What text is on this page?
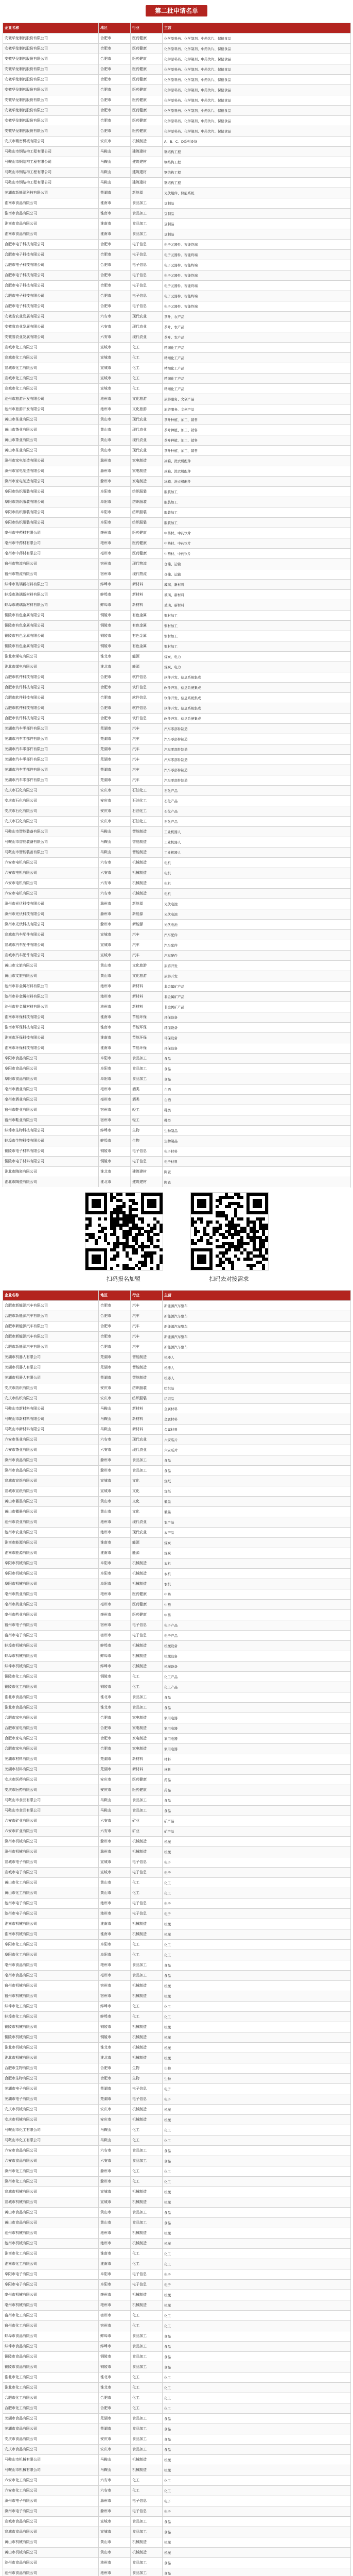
第二批申请名单
企业名称	地区	行业	主营
安徽华龙制药股份有限公司	合肥市	医药健康	化学原料药、化学制剂、中药饮片、保健食品
安徽华龙制药股份有限公司	合肥市	医药健康	化学原料药、化学制剂、中药饮片、保健食品
安徽华龙制药股份有限公司	合肥市	医药健康	化学原料药、化学制剂、中药饮片、保健食品
安徽华龙制药股份有限公司	合肥市	医药健康	化学原料药、化学制剂、中药饮片、保健食品
安徽华龙制药股份有限公司	合肥市	医药健康	化学原料药、化学制剂、中药饮片、保健食品
安徽华龙制药股份有限公司	合肥市	医药健康	化学原料药、化学制剂、中药饮片、保健食品
安徽华龙制药股份有限公司	合肥市	医药健康	化学原料药、化学制剂、中药饮片、保健食品
安徽华龙制药股份有限公司	合肥市	医药健康	化学原料药、化学制剂、中药饮片、保健食品
安徽华龙制药股份有限公司	合肥市	医药健康	化学原料药、化学制剂、中药饮片、保健食品
安徽华龙制药股份有限公司	合肥市	医药健康	化学原料药、化学制剂、中药饮片、保健食品
安庆市精密机械有限公司	安庆市	机械制造	A、B、C、D系列设备
马鞍山市钢结构工程有限公司	马鞍山	建筑建材	钢结构工程
马鞍山市钢结构工程有限公司	马鞍山	建筑建材	钢结构工程
马鞍山市钢结构工程有限公司	马鞍山	建筑建材	钢结构工程
马鞍山市钢结构工程有限公司	马鞍山	建筑建材	钢结构工程
芜湖市新能源科技有限公司	芜湖市	新能源	光伏组件、储能系统
淮南市食品有限公司	淮南市	食品加工	豆制品
淮南市食品有限公司	淮南市	食品加工	豆制品
淮南市食品有限公司	淮南市	食品加工	豆制品
淮南市食品有限公司	淮南市	食品加工	豆制品
合肥市电子科技有限公司	合肥市	电子信息	电子元器件、智能终端
合肥市电子科技有限公司	合肥市	电子信息	电子元器件、智能终端
合肥市电子科技有限公司	合肥市	电子信息	电子元器件、智能终端
合肥市电子科技有限公司	合肥市	电子信息	电子元器件、智能终端
合肥市电子科技有限公司	合肥市	电子信息	电子元器件、智能终端
合肥市电子科技有限公司	合肥市	电子信息	电子元器件、智能终端
合肥市电子科技有限公司	合肥市	电子信息	电子元器件、智能终端
安徽省农业发展有限公司	六安市	现代农业	茶叶、农产品
安徽省农业发展有限公司	六安市	现代农业	茶叶、农产品
安徽省农业发展有限公司	六安市	现代农业	茶叶、农产品
宣城市化工有限公司	宣城市	化工	精细化工产品
宣城市化工有限公司	宣城市	化工	精细化工产品
宣城市化工有限公司	宣城市	化工	精细化工产品
宣城市化工有限公司	宣城市	化工	精细化工产品
宣城市化工有限公司	宣城市	化工	精细化工产品
池州市旅游开发有限公司	池州市	文化旅游	旅游服务、文创产品
池州市旅游开发有限公司	池州市	文化旅游	旅游服务、文创产品
黄山市茶业有限公司	黄山市	现代农业	茶叶种植、加工、销售
黄山市茶业有限公司	黄山市	现代农业	茶叶种植、加工、销售
黄山市茶业有限公司	黄山市	现代农业	茶叶种植、加工、销售
黄山市茶业有限公司	黄山市	现代农业	茶叶种植、加工、销售
滁州市家电制造有限公司	滁州市	家电制造	冰箱、洗衣机配件
滁州市家电制造有限公司	滁州市	家电制造	冰箱、洗衣机配件
滁州市家电制造有限公司	滁州市	家电制造	冰箱、洗衣机配件
阜阳市纺织服装有限公司	阜阳市	纺织服装	服装加工
阜阳市纺织服装有限公司	阜阳市	纺织服装	服装加工
阜阳市纺织服装有限公司	阜阳市	纺织服装	服装加工
阜阳市纺织服装有限公司	阜阳市	纺织服装	服装加工
亳州市中药材有限公司	亳州市	医药健康	中药材、中药饮片
亳州市中药材有限公司	亳州市	医药健康	中药材、中药饮片
亳州市中药材有限公司	亳州市	医药健康	中药材、中药饮片
宿州市物流有限公司	宿州市	现代物流	仓储、运输
宿州市物流有限公司	宿州市	现代物流	仓储、运输
蚌埠市玻璃新材料有限公司	蚌埠市	新材料	玻璃、新材料
蚌埠市玻璃新材料有限公司	蚌埠市	新材料	玻璃、新材料
蚌埠市玻璃新材料有限公司	蚌埠市	新材料	玻璃、新材料
铜陵市有色金属有限公司	铜陵市	有色金属	铜材加工
铜陵市有色金属有限公司	铜陵市	有色金属	铜材加工
铜陵市有色金属有限公司	铜陵市	有色金属	铜材加工
铜陵市有色金属有限公司	铜陵市	有色金属	铜材加工
淮北市煤电有限公司	淮北市	能源	煤炭、电力
淮北市煤电有限公司	淮北市	能源	煤炭、电力
合肥市软件科技有限公司	合肥市	软件信息	软件开发、信息系统集成
合肥市软件科技有限公司	合肥市	软件信息	软件开发、信息系统集成
合肥市软件科技有限公司	合肥市	软件信息	软件开发、信息系统集成
合肥市软件科技有限公司	合肥市	软件信息	软件开发、信息系统集成
合肥市软件科技有限公司	合肥市	软件信息	软件开发、信息系统集成
芜湖市汽车零部件有限公司	芜湖市	汽车	汽车零部件制造
芜湖市汽车零部件有限公司	芜湖市	汽车	汽车零部件制造
芜湖市汽车零部件有限公司	芜湖市	汽车	汽车零部件制造
芜湖市汽车零部件有限公司	芜湖市	汽车	汽车零部件制造
芜湖市汽车零部件有限公司	芜湖市	汽车	汽车零部件制造
芜湖市汽车零部件有限公司	芜湖市	汽车	汽车零部件制造
安庆市石化有限公司	安庆市	石油化工	石化产品
安庆市石化有限公司	安庆市	石油化工	石化产品
安庆市石化有限公司	安庆市	石油化工	石化产品
安庆市石化有限公司	安庆市	石油化工	石化产品
马鞍山市智能装备有限公司	马鞍山	智能制造	工业机器人
马鞍山市智能装备有限公司	马鞍山	智能制造	工业机器人
马鞍山市智能装备有限公司	马鞍山	智能制造	工业机器人
六安市电机有限公司	六安市	机械制造	电机
六安市电机有限公司	六安市	机械制造	电机
六安市电机有限公司	六安市	机械制造	电机
六安市电机有限公司	六安市	机械制造	电机
滁州市光伏科技有限公司	滁州市	新能源	光伏电池
滁州市光伏科技有限公司	滁州市	新能源	光伏电池
滁州市光伏科技有限公司	滁州市	新能源	光伏电池
宣城市汽车配件有限公司	宣城市	汽车	汽车配件
宣城市汽车配件有限公司	宣城市	汽车	汽车配件
宣城市汽车配件有限公司	宣城市	汽车	汽车配件
黄山市文旅有限公司	黄山市	文化旅游	旅游开发
黄山市文旅有限公司	黄山市	文化旅游	旅游开发
池州市非金属材料有限公司	池州市	新材料	非金属矿产品
池州市非金属材料有限公司	池州市	新材料	非金属矿产品
池州市非金属材料有限公司	池州市	新材料	非金属矿产品
淮南市环保科技有限公司	淮南市	节能环保	环保设备
淮南市环保科技有限公司	淮南市	节能环保	环保设备
淮南市环保科技有限公司	淮南市	节能环保	环保设备
淮南市环保科技有限公司	淮南市	节能环保	环保设备
阜阳市食品有限公司	阜阳市	食品加工	食品
阜阳市食品有限公司	阜阳市	食品加工	食品
阜阳市食品有限公司	阜阳市	食品加工	食品
亳州市酒业有限公司	亳州市	酒类	白酒
亳州市酒业有限公司	亳州市	酒类	白酒
宿州市鞋业有限公司	宿州市	轻工	鞋类
宿州市鞋业有限公司	宿州市	轻工	鞋类
蚌埠市生物科技有限公司	蚌埠市	生物	生物制品
蚌埠市生物科技有限公司	蚌埠市	生物	生物制品
铜陵市电子材料有限公司	铜陵市	电子信息	电子材料
铜陵市电子材料有限公司	铜陵市	电子信息	电子材料
淮北市陶瓷有限公司	淮北市	建筑建材	陶瓷
淮北市陶瓷有限公司	淮北市	建筑建材	陶瓷
扫码报名加盟	扫码去对接需求
企业名称	地区	行业	主营
合肥市新能源汽车有限公司	合肥市	汽车	新能源汽车整车
合肥市新能源汽车有限公司	合肥市	汽车	新能源汽车整车
合肥市新能源汽车有限公司	合肥市	汽车	新能源汽车整车
合肥市新能源汽车有限公司	合肥市	汽车	新能源汽车整车
合肥市新能源汽车有限公司	合肥市	汽车	新能源汽车整车
芜湖市机器人有限公司	芜湖市	智能制造	机器人
芜湖市机器人有限公司	芜湖市	智能制造	机器人
芜湖市机器人有限公司	芜湖市	智能制造	机器人
安庆市纺织有限公司	安庆市	纺织服装	纺织品
安庆市纺织有限公司	安庆市	纺织服装	纺织品
马鞍山市新材料有限公司	马鞍山	新材料	金属材料
马鞍山市新材料有限公司	马鞍山	新材料	金属材料
马鞍山市新材料有限公司	马鞍山	新材料	金属材料
六安市茶业有限公司	六安市	现代农业	六安瓜片
六安市茶业有限公司	六安市	现代农业	六安瓜片
滁州市食品有限公司	滁州市	食品加工	食品
滁州市食品有限公司	滁州市	食品加工	食品
宣城市宣纸有限公司	宣城市	文化	宣纸
宣城市宣纸有限公司	宣城市	文化	宣纸
黄山市徽墨有限公司	黄山市	文化	徽墨
黄山市徽墨有限公司	黄山市	文化	徽墨
池州市农业有限公司	池州市	现代农业	农产品
池州市农业有限公司	池州市	现代农业	农产品
淮南市能源有限公司	淮南市	能源	煤炭
淮南市能源有限公司	淮南市	能源	煤炭
阜阳市机械有限公司	阜阳市	机械制造	农机
阜阳市机械有限公司	阜阳市	机械制造	农机
阜阳市机械有限公司	阜阳市	机械制造	农机
亳州市药业有限公司	亳州市	医药健康	中药
亳州市药业有限公司	亳州市	医药健康	中药
亳州市药业有限公司	亳州市	医药健康	中药
宿州市电子有限公司	宿州市	电子信息	电子产品
宿州市电子有限公司	宿州市	电子信息	电子产品
蚌埠市机械有限公司	蚌埠市	机械制造	机械设备
蚌埠市机械有限公司	蚌埠市	机械制造	机械设备
蚌埠市机械有限公司	蚌埠市	机械制造	机械设备
铜陵市化工有限公司	铜陵市	化工	化工产品
铜陵市化工有限公司	铜陵市	化工	化工产品
淮北市食品有限公司	淮北市	食品加工	食品
淮北市食品有限公司	淮北市	食品加工	食品
合肥市家电有限公司	合肥市	家电制造	家用电器
合肥市家电有限公司	合肥市	家电制造	家用电器
合肥市家电有限公司	合肥市	家电制造	家用电器
合肥市家电有限公司	合肥市	家电制造	家用电器
芜湖市材料有限公司	芜湖市	新材料	材料
芜湖市材料有限公司	芜湖市	新材料	材料
安庆市医药有限公司	安庆市	医药健康	药品
安庆市医药有限公司	安庆市	医药健康	药品
马鞍山市食品有限公司	马鞍山	食品加工	食品
马鞍山市食品有限公司	马鞍山	食品加工	食品
六安市矿业有限公司	六安市	矿业	矿产品
六安市矿业有限公司	六安市	矿业	矿产品
滁州市机械有限公司	滁州市	机械制造	机械
滁州市机械有限公司	滁州市	机械制造	机械
宣城市电子有限公司	宣城市	电子信息	电子
宣城市电子有限公司	宣城市	电子信息	电子
黄山市化工有限公司	黄山市	化工	化工
黄山市化工有限公司	黄山市	化工	化工
池州市电子有限公司	池州市	电子信息	电子
池州市电子有限公司	池州市	电子信息	电子
淮南市机械有限公司	淮南市	机械制造	机械
淮南市机械有限公司	淮南市	机械制造	机械
阜阳市化工有限公司	阜阳市	化工	化工
阜阳市化工有限公司	阜阳市	化工	化工
亳州市食品有限公司	亳州市	食品加工	食品
亳州市食品有限公司	亳州市	食品加工	食品
宿州市机械有限公司	宿州市	机械制造	机械
宿州市机械有限公司	宿州市	机械制造	机械
蚌埠市化工有限公司	蚌埠市	化工	化工
蚌埠市化工有限公司	蚌埠市	化工	化工
铜陵市机械有限公司	铜陵市	机械制造	机械
铜陵市机械有限公司	铜陵市	机械制造	机械
淮北市机械有限公司	淮北市	机械制造	机械
淮北市机械有限公司	淮北市	机械制造	机械
合肥市生物有限公司	合肥市	生物	生物
合肥市生物有限公司	合肥市	生物	生物
芜湖市电子有限公司	芜湖市	电子信息	电子
芜湖市电子有限公司	芜湖市	电子信息	电子
安庆市机械有限公司	安庆市	机械制造	机械
安庆市机械有限公司	安庆市	机械制造	机械
马鞍山市化工有限公司	马鞍山	化工	化工
马鞍山市化工有限公司	马鞍山	化工	化工
六安市食品有限公司	六安市	食品加工	食品
六安市食品有限公司	六安市	食品加工	食品
滁州市化工有限公司	滁州市	化工	化工
滁州市化工有限公司	滁州市	化工	化工
宣城市机械有限公司	宣城市	机械制造	机械
宣城市机械有限公司	宣城市	机械制造	机械
黄山市食品有限公司	黄山市	食品加工	食品
黄山市食品有限公司	黄山市	食品加工	食品
池州市机械有限公司	池州市	机械制造	机械
池州市机械有限公司	池州市	机械制造	机械
淮南市化工有限公司	淮南市	化工	化工
淮南市化工有限公司	淮南市	化工	化工
阜阳市电子有限公司	阜阳市	电子信息	电子
阜阳市电子有限公司	阜阳市	电子信息	电子
亳州市机械有限公司	亳州市	机械制造	机械
亳州市机械有限公司	亳州市	机械制造	机械
宿州市化工有限公司	宿州市	化工	化工
宿州市化工有限公司	宿州市	化工	化工
蚌埠市食品有限公司	蚌埠市	食品加工	食品
蚌埠市食品有限公司	蚌埠市	食品加工	食品
铜陵市食品有限公司	铜陵市	食品加工	食品
铜陵市食品有限公司	铜陵市	食品加工	食品
淮北市化工有限公司	淮北市	化工	化工
淮北市化工有限公司	淮北市	化工	化工
合肥市化工有限公司	合肥市	化工	化工
合肥市化工有限公司	合肥市	化工	化工
芜湖市食品有限公司	芜湖市	食品加工	食品
芜湖市食品有限公司	芜湖市	食品加工	食品
安庆市食品有限公司	安庆市	食品加工	食品
安庆市食品有限公司	安庆市	食品加工	食品
马鞍山市机械有限公司	马鞍山	机械制造	机械
马鞍山市机械有限公司	马鞍山	机械制造	机械
六安市化工有限公司	六安市	化工	化工
六安市化工有限公司	六安市	化工	化工
滁州市电子有限公司	滁州市	电子信息	电子
滁州市电子有限公司	滁州市	电子信息	电子
宣城市食品有限公司	宣城市	食品加工	食品
宣城市食品有限公司	宣城市	食品加工	食品
黄山市机械有限公司	黄山市	机械制造	机械
黄山市机械有限公司	黄山市	机械制造	机械
池州市食品有限公司	池州市	食品加工	食品
池州市食品有限公司	池州市	食品加工	食品
